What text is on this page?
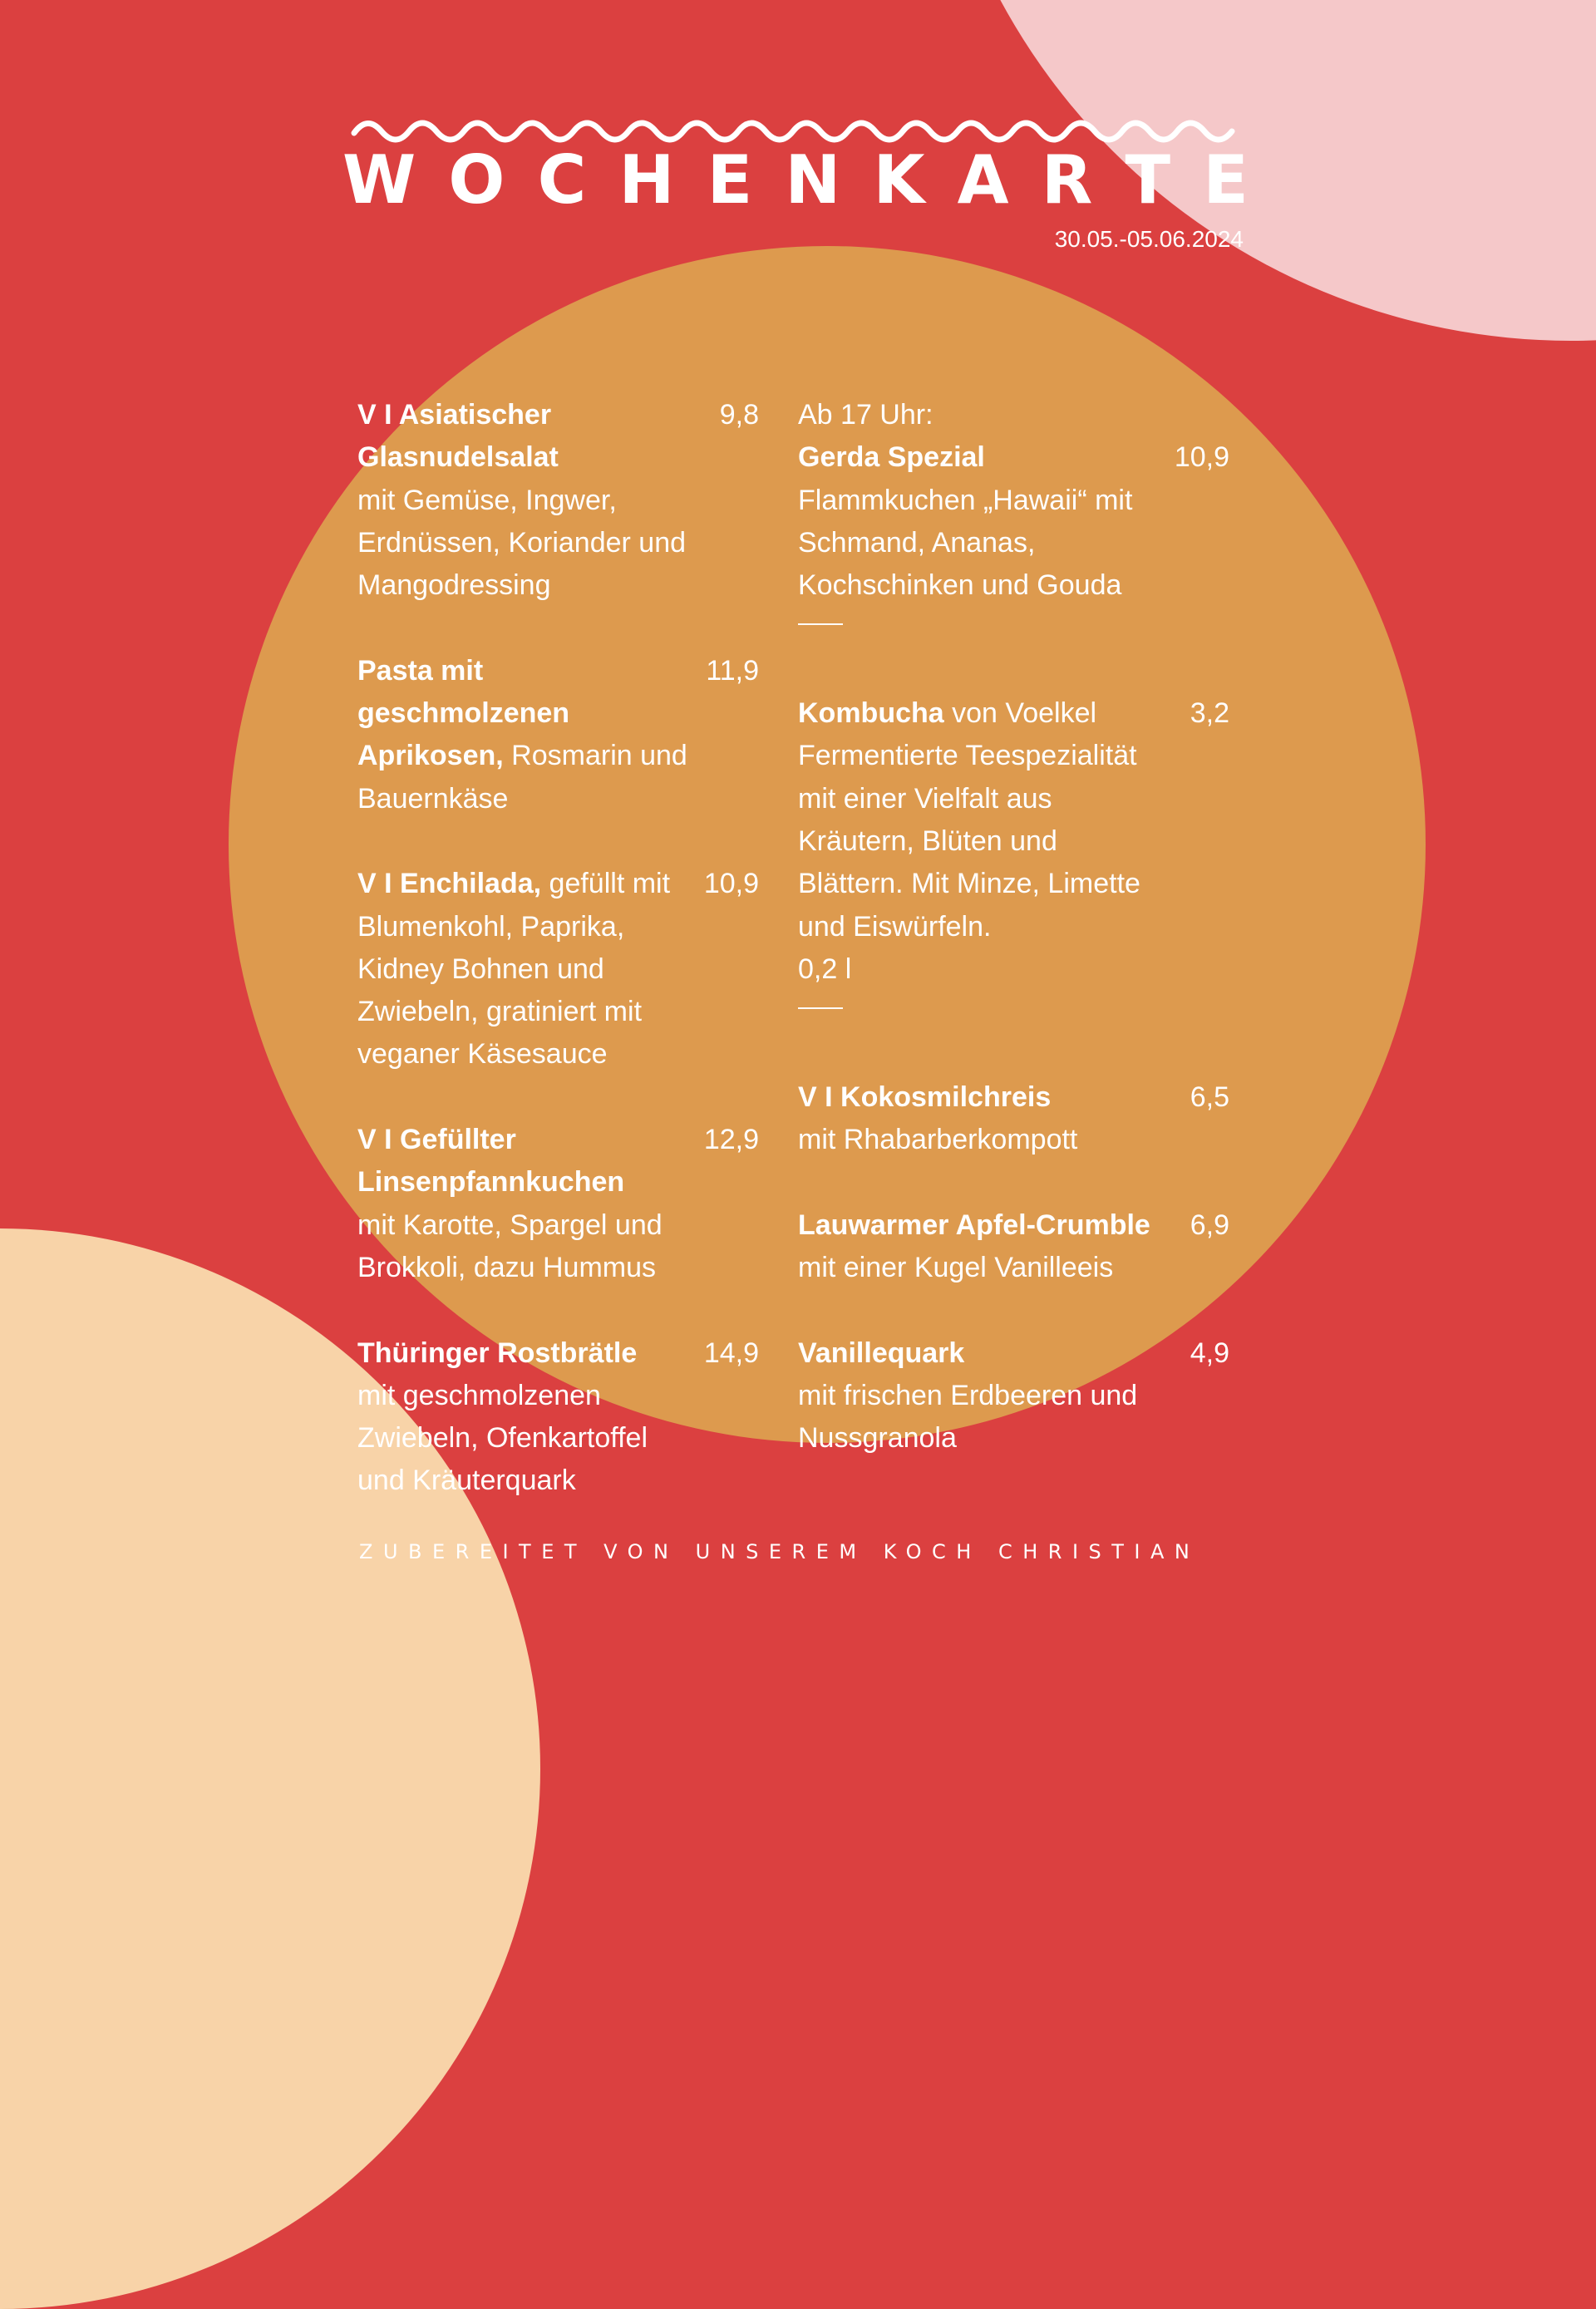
W O C H E N K A R T E
30.05.-05.06.2024
V I Asiatischer Glasnudelsalat
mit Gemüse, Ingwer, Erdnüssen, Koriander und Mangodressing
9,8
Pasta mit geschmolzenen Aprikosen, Rosmarin und Bauernkäse
11,9
V I Enchilada, gefüllt mit Blumenkohl, Paprika, Kidney Bohnen und Zwiebeln, gratiniert mit veganer Käsesauce
10,9
V I Gefüllter Linsenpfannkuchen
mit Karotte, Spargel und Brokkoli, dazu Hummus
12,9
Thüringer Rostbrätle
mit geschmolzenen Zwiebeln, Ofenkartoffel und Kräuterquark
14,9
Ab 17 Uhr:
Gerda Spezial
Flammkuchen „Hawaii“ mit Schmand, Ananas, Kochschinken und Gouda
10,9
Kombucha von Voelkel
Fermentierte Teespezialität mit einer Vielfalt aus Kräutern, Blüten und Blättern. Mit Minze, Limette und Eiswürfeln.
0,2 l
3,2
V I Kokosmilchreis
mit Rhabarberkompott
6,5
Lauwarmer Apfel-Crumble
mit einer Kugel Vanilleeis
6,9
Vanillequark
mit frischen Erdbeeren und Nussgranola
4,9
ZUBEREITET VON UNSEREM KOCH CHRISTIAN
